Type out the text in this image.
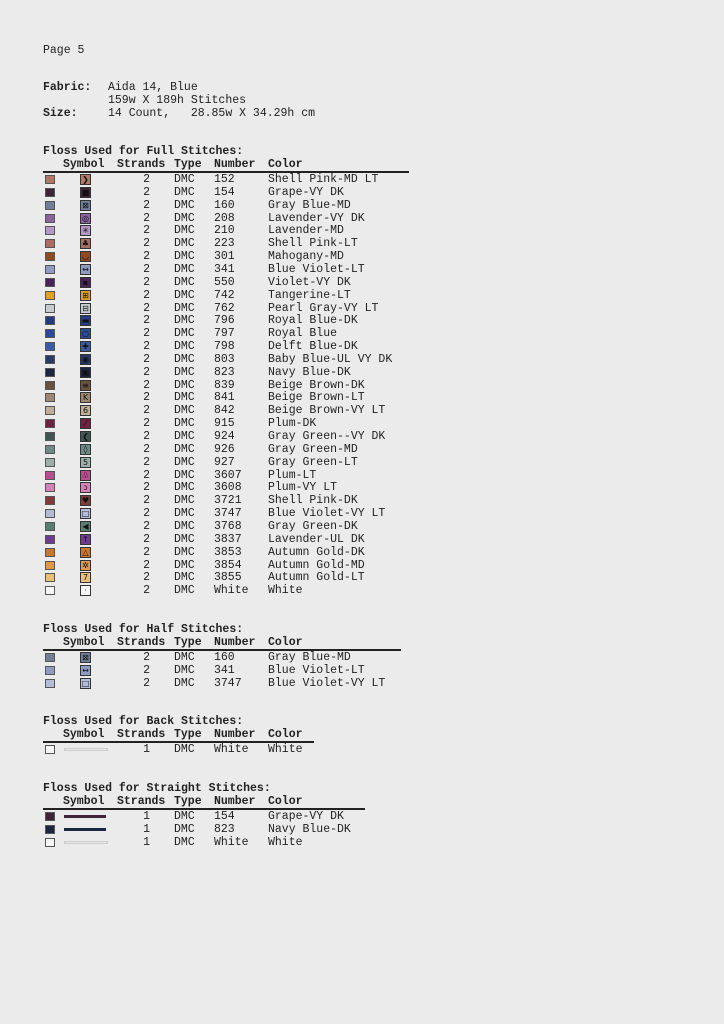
Page 5
Fabric: Aida 14, Blue
159w X 189h Stitches
Size:	14 Count,   28.85w X 34.29h cm
Floss Used for Full Stitches:
Symbol Strands Type Number Color
❯	2 DMC 152	Shell Pink-MD LT
■	2 DMC 154	Grape-VY DK
⊠	2 DMC 160	Gray Blue-MD
◎	2 DMC 208	Lavender-VY DK
✳	2 DMC 210	Lavender-MD
♣	2 DMC 223	Shell Pink-LT
◡	2 DMC 301	Mahogany-MD
↔	2 DMC 341	Blue Violet-LT
▪	2 DMC 550	Violet-VY DK
⊞	2 DMC 742	Tangerine-LT
⊟	2 DMC 762	Pearl Gray-VY LT
▬	2 DMC 796	Royal Blue-DK
○	2 DMC 797	Royal Blue
✚	2 DMC 798	Delft Blue-DK
◉	2 DMC 803	Baby Blue-UL VY DK
▣	2 DMC 823	Navy Blue-DK
≡	2 DMC 839	Beige Brown-DK
K	2 DMC 841	Beige Brown-LT
6	2 DMC 842	Beige Brown-VY LT
⁄	2 DMC 915	Plum-DK
❮	2 DMC 924	Gray Green--VY DK
◊	2 DMC 926	Gray Green-MD
5	2 DMC 927	Gray Green-LT
♧	2 DMC 3607 Plum-LT
ↄ	2 DMC 3608 Plum-VY LT
♥	2 DMC 3721 Shell Pink-DK
□	2 DMC 3747 Blue Violet-VY LT
◀	2 DMC 3768 Gray Green-DK
↑	2 DMC 3837 Lavender-UL DK
△	2 DMC 3853 Autumn Gold-DK
✲	2 DMC 3854 Autumn Gold-MD
7	2 DMC 3855 Autumn Gold-LT
·	2 DMC White White
Floss Used for Half Stitches:
Symbol Strands Type Number Color
⊠	2 DMC 160	Gray Blue-MD
↔	2 DMC 341	Blue Violet-LT
□	2 DMC 3747 Blue Violet-VY LT
Floss Used for Back Stitches:
Symbol Strands Type Number Color
1 DMC White White
Floss Used for Straight Stitches:
Symbol Strands Type Number Color
1 DMC 154	Grape-VY DK
1 DMC 823	Navy Blue-DK
1 DMC White White
